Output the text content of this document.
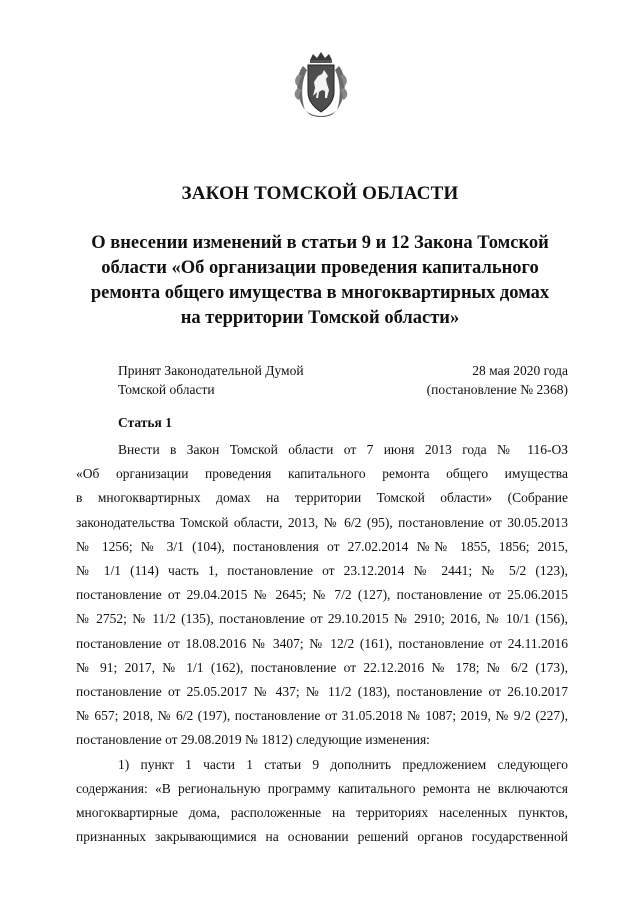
ЗАКОН ТОМСКОЙ ОБЛАСТИ
О внесении изменений в статьи 9 и 12 Закона Томской
области «Об организации проведения капитального
ремонта общего имущества в многоквартирных домах
на территории Томской области»
Принят Законодательной Думой
Томской области
28 мая 2020 года
(постановление № 2368)
Статья 1
Внести в Закон Томской области от 7 июня 2013 года № 116-ОЗ
«Об организации проведения капитального ремонта общего имущества
в многоквартирных домах на территории Томской области» (Собрание
законодательства Томской области, 2013, № 6/2 (95), постановление от 30.05.2013
№ 1256; № 3/1 (104), постановления от 27.02.2014 №№ 1855, 1856; 2015,
№ 1/1 (114) часть 1, постановление от 23.12.2014 № 2441; № 5/2 (123),
постановление от 29.04.2015 № 2645; № 7/2 (127), постановление от 25.06.2015
№ 2752; № 11/2 (135), постановление от 29.10.2015 № 2910; 2016, № 10/1 (156),
постановление от 18.08.2016 № 3407; № 12/2 (161), постановление от 24.11.2016
№ 91; 2017, № 1/1 (162), постановление от 22.12.2016 № 178; № 6/2 (173),
постановление от 25.05.2017 № 437; № 11/2 (183), постановление от 26.10.2017
№ 657; 2018, № 6/2 (197), постановление от 31.05.2018 № 1087; 2019, № 9/2 (227),
постановление от 29.08.2019 № 1812) следующие изменения:
1) пункт 1 части 1 статьи 9 дополнить предложением следующего
содержания: «В региональную программу капитального ремонта не включаются
многоквартирные дома, расположенные на территориях населенных пунктов,
признанных закрывающимися на основании решений органов государственной
